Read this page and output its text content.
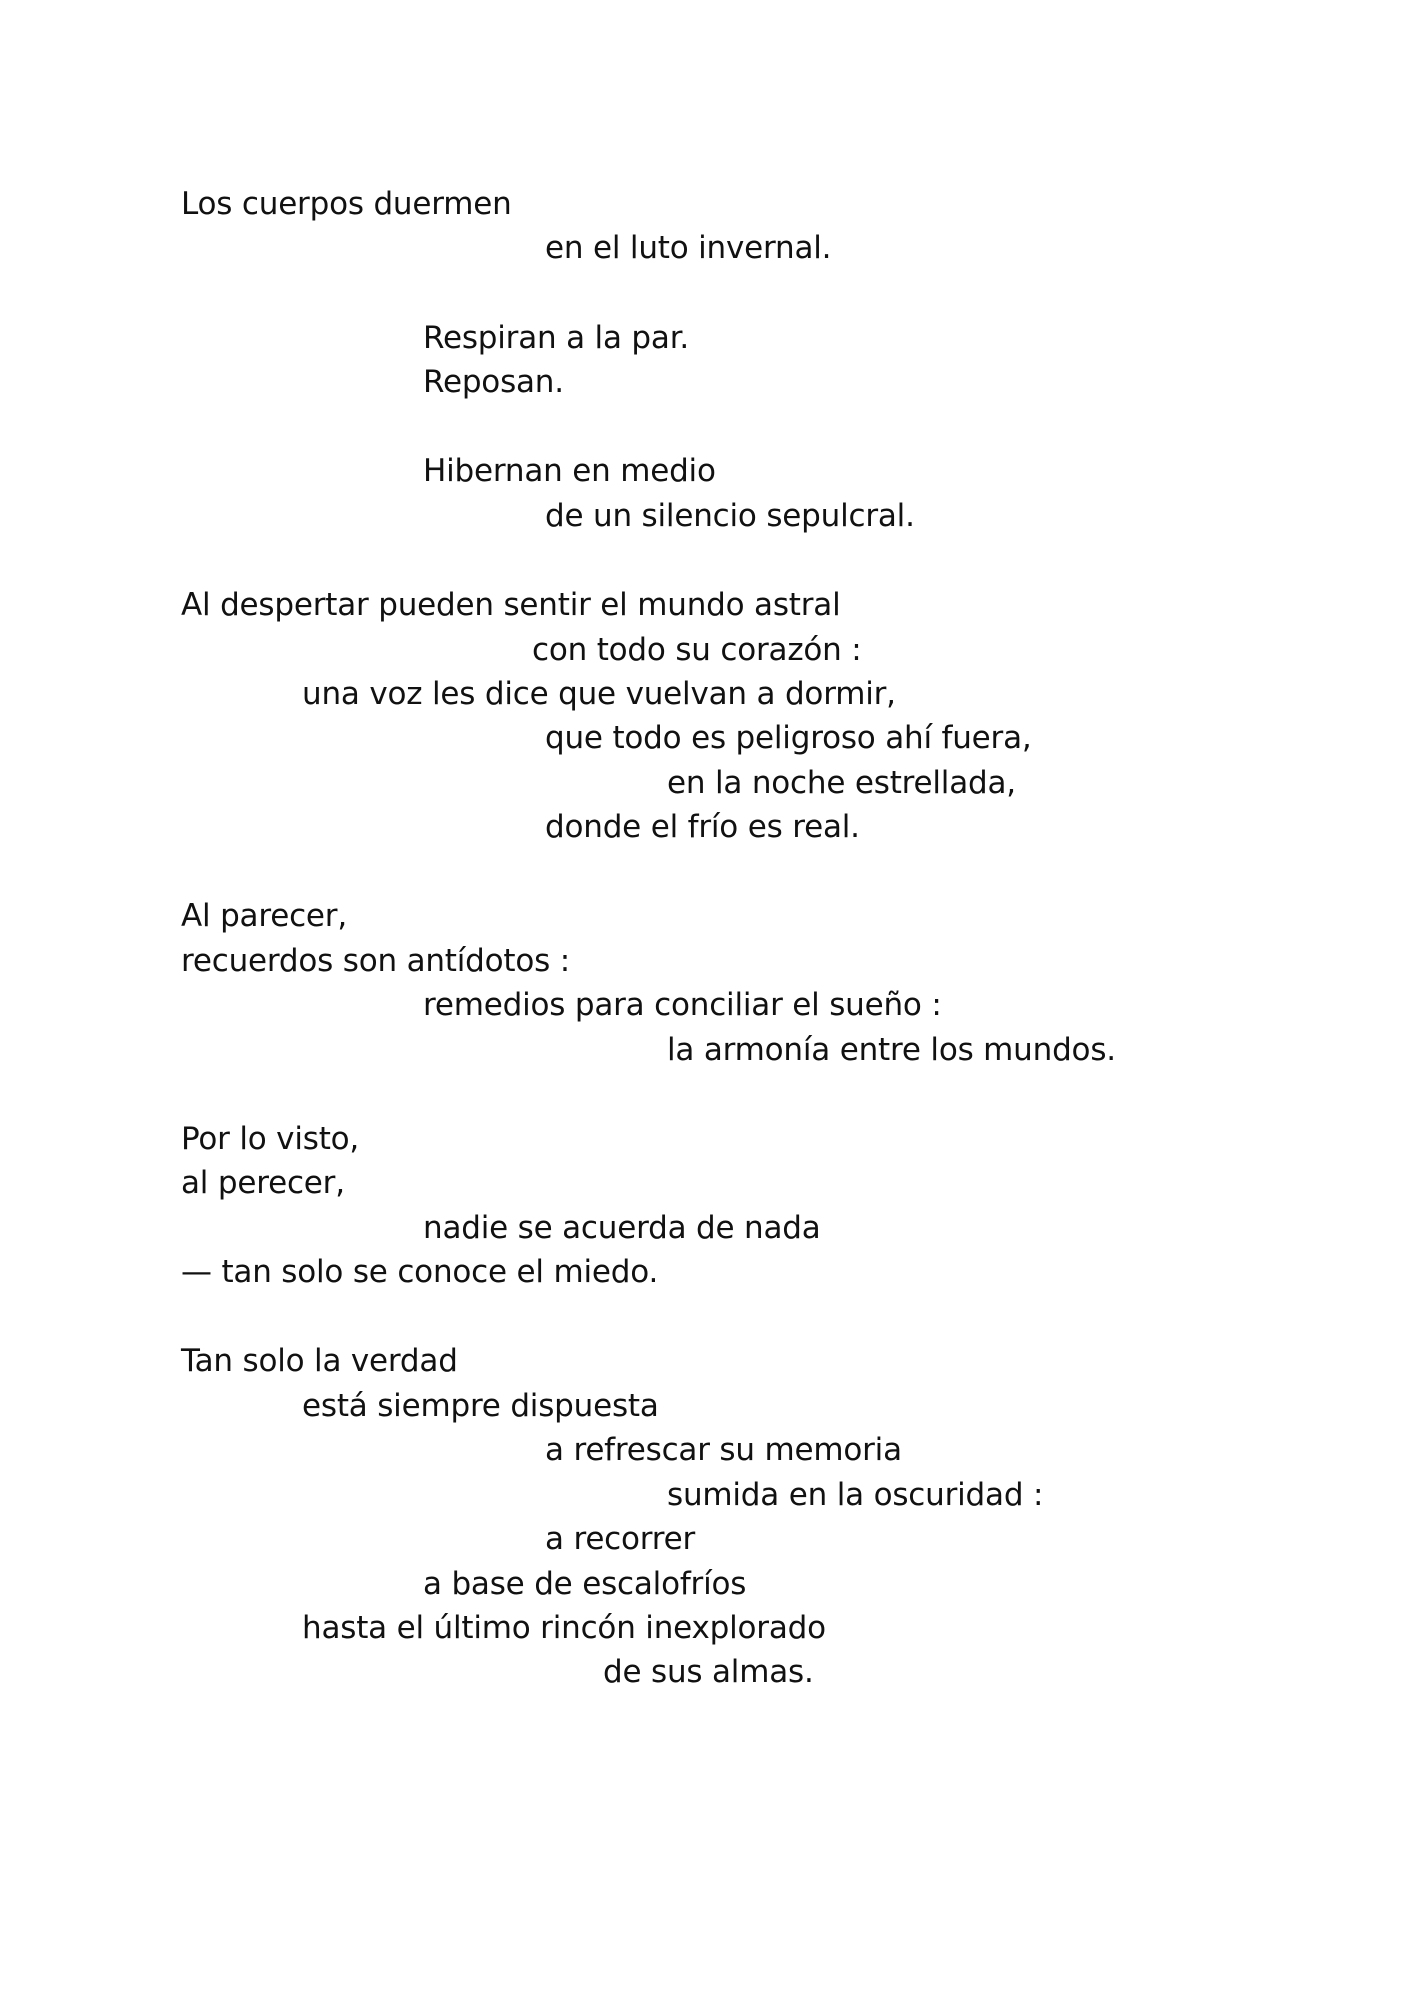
Los cuerpos duermen
en el luto invernal.
Respiran a la par.
Reposan.
Hibernan en medio
de un silencio sepulcral.
Al despertar pueden sentir el mundo astral
con todo su corazón :
una voz les dice que vuelvan a dormir,
que todo es peligroso ahí fuera,
en la noche estrellada,
donde el frío es real.
Al parecer,
recuerdos son antídotos :
remedios para conciliar el sueño :
la armonía entre los mundos.
Por lo visto,
al perecer,
nadie se acuerda de nada
— tan solo se conoce el miedo.
Tan solo la verdad
está siempre dispuesta
a refrescar su memoria
sumida en la oscuridad :
a recorrer
a base de escalofríos
hasta el último rincón inexplorado
de sus almas.
